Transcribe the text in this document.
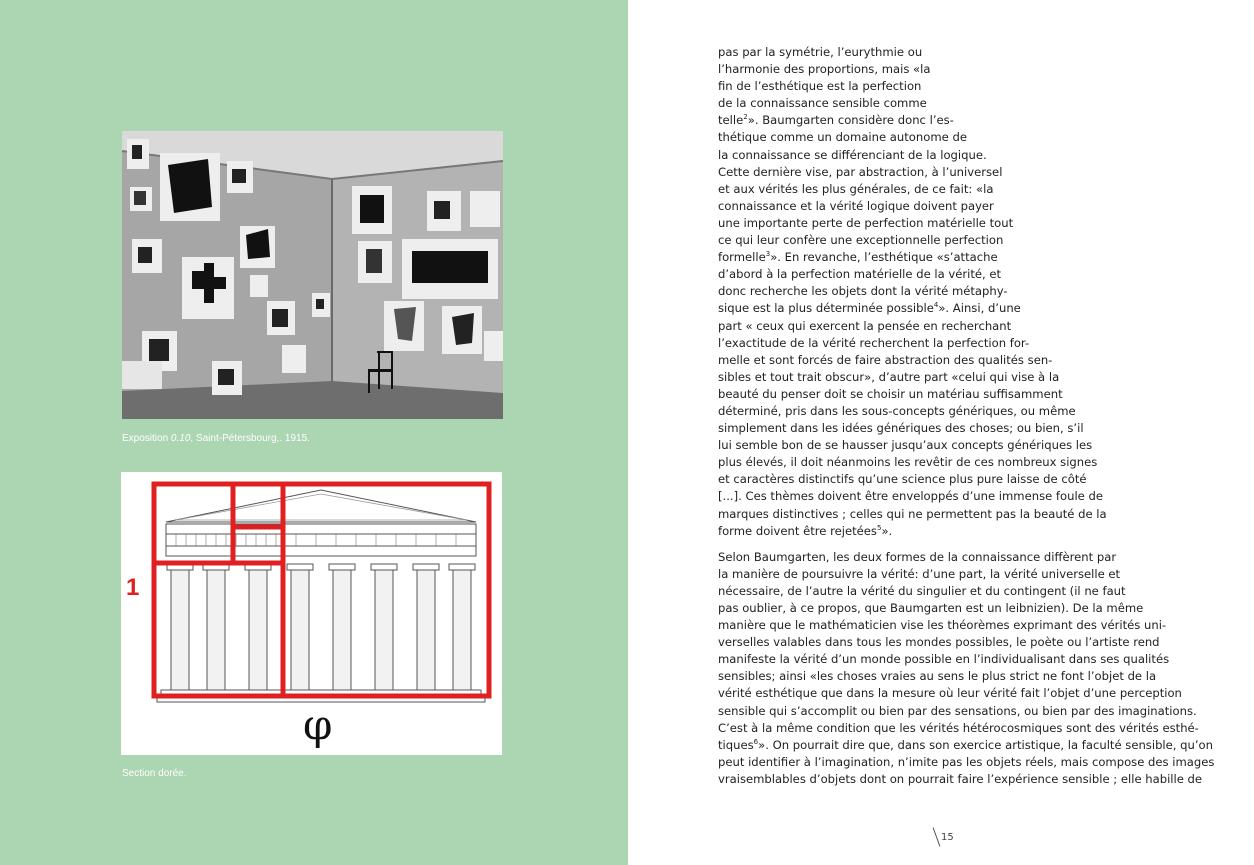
Exposition 0.10, Saint-Pétersbourg,. 1915.
1
φ
Section dorée.
pas par la symétrie, l’eurythmie ou
l’harmonie des proportions, mais «la
fin de l’esthétique est la perfection
de la connaissance sensible comme
telle$^2$». Baumgarten considère donc l’es-
thétique comme un domaine autonome de
la connaissance se différenciant de la logique.
Cette dernière vise, par abstraction, à l’universel
et aux vérités les plus générales, de ce fait: «la
connaissance et la vérité logique doivent payer
une importante perte de perfection matérielle tout
ce qui leur confère une exceptionnelle perfection
formelle$^3$». En revanche, l’esthétique «s’attache
d’abord à la perfection matérielle de la vérité, et
donc recherche les objets dont la vérité métaphy-
sique est la plus déterminée possible$^4$». Ainsi, d’une
part « ceux qui exercent la pensée en recherchant
l’exactitude de la vérité recherchent la perfection for-
melle et sont forcés de faire abstraction des qualités sen-
sibles et tout trait obscur», d’autre part «celui qui vise à la
beauté du penser doit se choisir un matériau suffisamment
déterminé, pris dans les sous-concepts génériques, ou même
simplement dans les idées génériques des choses; ou bien, s’il
lui semble bon de se hausser jusqu’aux concepts génériques les
plus élevés, il doit néanmoins les revêtir de ces nombreux signes
et caractères distinctifs qu’une science plus pure laisse de côté
[...]. Ces thèmes doivent être enveloppés d’une immense foule de
marques distinctives ; celles qui ne permettent pas la beauté de la
forme doivent être rejetées$^5$».
Selon Baumgarten, les deux formes de la connaissance diffèrent par
la manière de poursuivre la vérité: d’une part, la vérité universelle et
nécessaire, de l’autre la vérité du singulier et du contingent (il ne faut
pas oublier, à ce propos, que Baumgarten est un leibnizien). De la même
manière que le mathématicien vise les théorèmes exprimant des vérités uni-
verselles valables dans tous les mondes possibles, le poète ou l’artiste rend
manifeste la vérité d’un monde possible en l’individualisant dans ses qualités
sensibles; ainsi «les choses vraies au sens le plus strict ne font l’objet de la
vérité esthétique que dans la mesure où leur vérité fait l’objet d’une perception
sensible qui s’accomplit ou bien par des sensations, ou bien par des imaginations.
C’est à la même condition que les vérités hétérocosmiques sont des vérités esthé-
tiques$^6$». On pourrait dire que, dans son exercice artistique, la faculté sensible, qu’on
peut identifier à l’imagination, n’imite pas les objets réels, mais compose des images
vraisemblables d’objets dont on pourrait faire l’expérience sensible ; elle habille de
15
